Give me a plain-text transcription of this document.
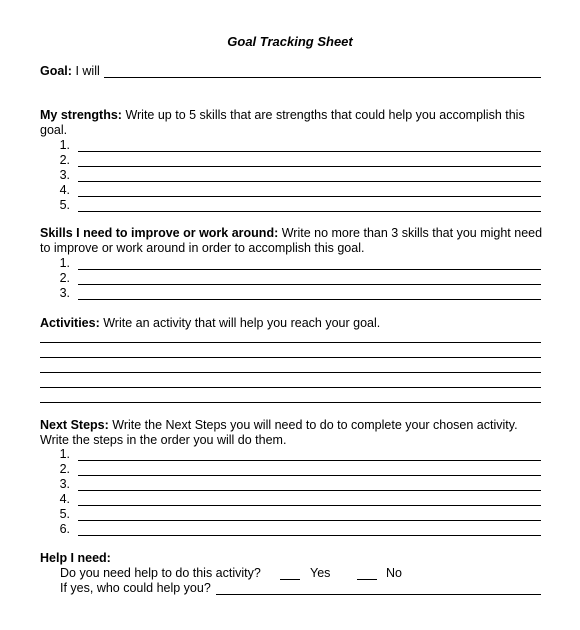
Goal Tracking Sheet
Goal: I will
My strengths: Write up to 5 skills that are strengths that could help you accomplish this goal.
1.
2.
3.
4.
5.
Skills I need to improve or work around: Write no more than 3 skills that you might need to improve or work around in order to accomplish this goal.
1.
2.
3.
Activities: Write an activity that will help you reach your goal.
Next Steps: Write the Next Steps you will need to do to complete your chosen activity. Write the steps in the order you will do them.
1.
2.
3.
4.
5.
6.
Help I need:
Do you need help to do this activity?	Yes	No
If yes, who could help you?
